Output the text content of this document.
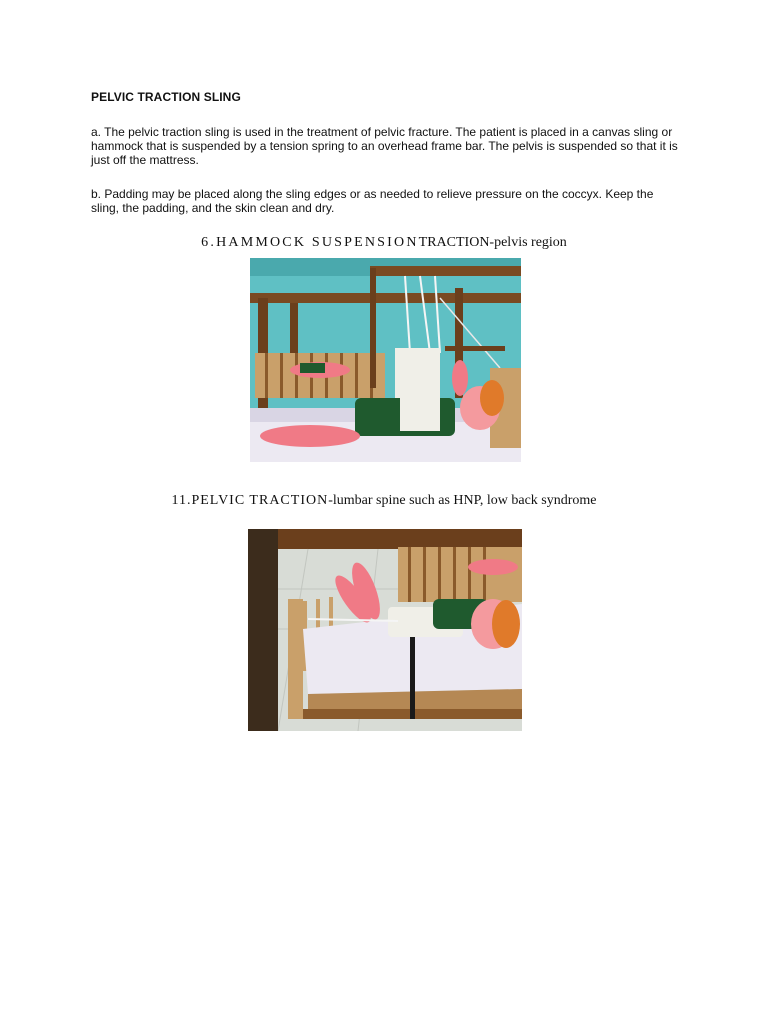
PELVIC TRACTION SLING
a. The pelvic traction sling is used in the treatment of pelvic fracture. The patient is placed in a canvas sling or hammock that is suspended by a tension spring to an overhead frame bar. The pelvis is suspended so that it is just off the mattress.
b. Padding may be placed along the sling edges or as needed to relieve pressure on the coccyx. Keep the sling, the padding, and the skin clean and dry.
6.HAMMOCK SUSPENSIONTRACTION-pelvis region
11.PELVIC TRACTION-lumbar spine such as HNP, low back syndrome
